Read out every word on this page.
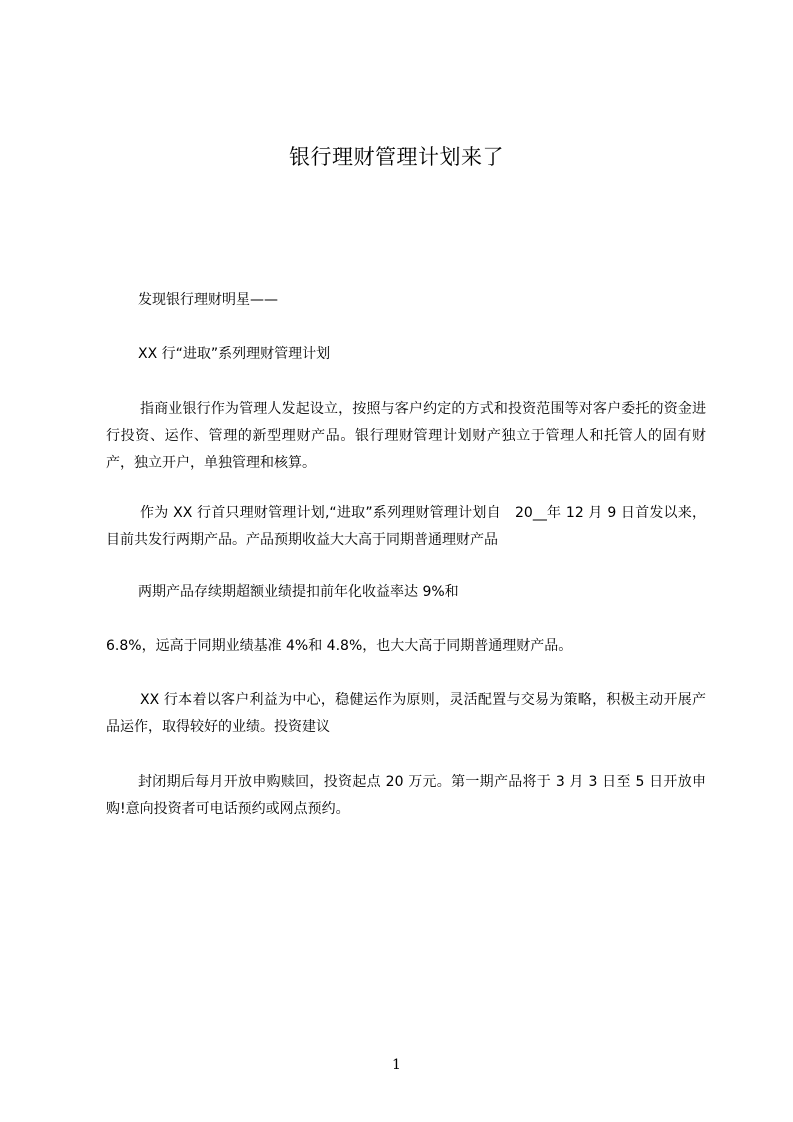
银行理财管理计划来了
发现银行理财明星——
XX 行“进取”系列理财管理计划
指商业银行作为管理人发起设立，按照与客户约定的方式和投资范围等对客户委托的资金进行投资、运作、管理的新型理财产品。银行理财管理计划财产独立于管理人和托管人的固有财产，独立开户，单独管理和核算。
作为 XX 行首只理财管理计划,“进取”系列理财管理计划自　20__年 12 月 9 日首发以来，目前共发行两期产品。产品预期收益大大高于同期普通理财产品
两期产品存续期超额业绩提扣前年化收益率达 9%和
6.8%，远高于同期业绩基准 4%和 4.8%，也大大高于同期普通理财产品。
XX 行本着以客户利益为中心，稳健运作为原则，灵活配置与交易为策略，积极主动开展产品运作，取得较好的业绩。投资建议
封闭期后每月开放申购赎回，投资起点 20 万元。第一期产品将于 3 月 3 日至 5 日开放申购!意向投资者可电话预约或网点预约。
1
